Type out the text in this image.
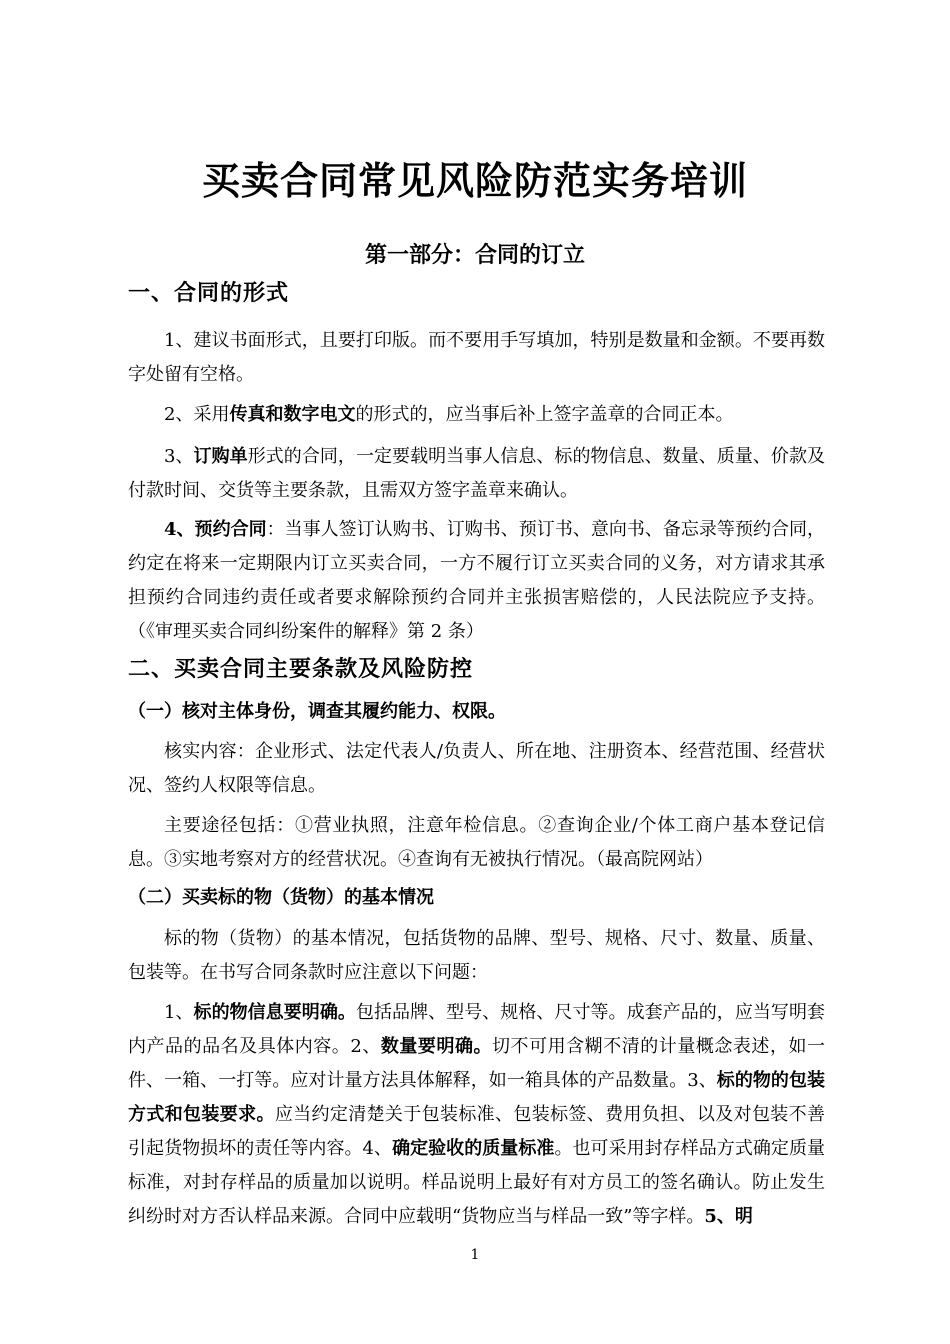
买卖合同常见风险防范实务培训
第一部分：合同的订立
一、合同的形式
1、建议书面形式，且要打印版。而不要用手写填加，特别是数量和金额。不要再数字处留有空格。
2、采用传真和数字电文的形式的，应当事后补上签字盖章的合同正本。
3、订购单形式的合同，一定要载明当事人信息、标的物信息、数量、质量、价款及付款时间、交货等主要条款，且需双方签字盖章来确认。
4、预约合同：当事人签订认购书、订购书、预订书、意向书、备忘录等预约合同，约定在将来一定期限内订立买卖合同，一方不履行订立买卖合同的义务，对方请求其承担预约合同违约责任或者要求解除预约合同并主张损害赔偿的，人民法院应予支持。（《审理买卖合同纠纷案件的解释》第 2 条）
二、买卖合同主要条款及风险防控
（一）核对主体身份，调查其履约能力、权限。
核实内容：企业形式、法定代表人/负责人、所在地、注册资本、经营范围、经营状况、签约人权限等信息。
主要途径包括：①营业执照，注意年检信息。②查询企业/个体工商户基本登记信息。③实地考察对方的经营状况。④查询有无被执行情况。（最高院网站）
（二）买卖标的物（货物）的基本情况
标的物（货物）的基本情况，包括货物的品牌、型号、规格、尺寸、数量、质量、包装等。在书写合同条款时应注意以下问题：
1、标的物信息要明确。包括品牌、型号、规格、尺寸等。成套产品的，应当写明套内产品的品名及具体内容。2、数量要明确。切不可用含糊不清的计量概念表述，如一件、一箱、一打等。应对计量方法具体解释，如一箱具体的产品数量。3、标的物的包装方式和包装要求。应当约定清楚关于包装标准、包装标签、费用负担、以及对包装不善引起货物损坏的责任等内容。4、确定验收的质量标准。也可采用封存样品方式确定质量标准，对封存样品的质量加以说明。样品说明上最好有对方员工的签名确认。防止发生纠纷时对方否认样品来源。合同中应载明“货物应当与样品一致”等字样。5、明
1
